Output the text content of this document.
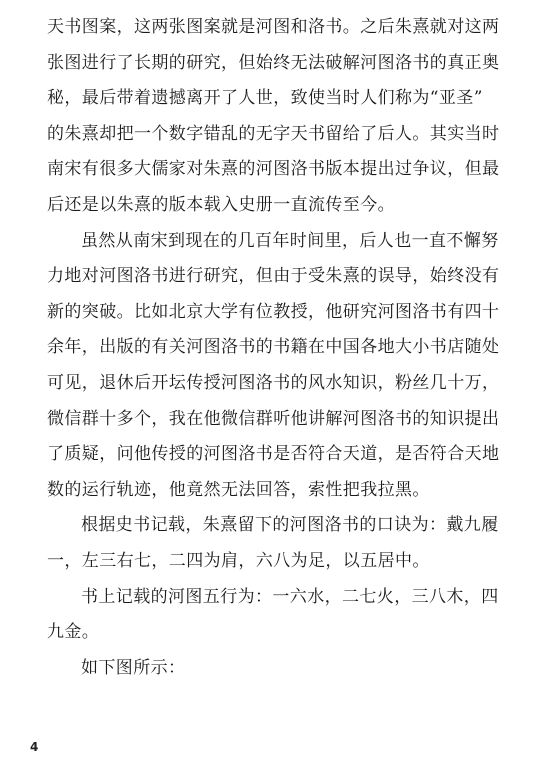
天书图案，这两张图案就是河图和洛书。之后朱熹就对这两
张图进行了长期的研究，但始终无法破解河图洛书的真正奥
秘，最后带着遗撼离开了人世，致使当时人们称为“亚圣”
的朱熹却把一个数字错乱的无字天书留给了后人。其实当时
南宋有很多大儒家对朱熹的河图洛书版本提出过争议，但最
后还是以朱熹的版本载入史册一直流传至今。
虽然从南宋到现在的几百年时间里，后人也一直不懈努
力地对河图洛书进行研究，但由于受朱熹的误导，始终没有
新的突破。比如北京大学有位教授，他研究河图洛书有四十
余年，出版的有关河图洛书的书籍在中国各地大小书店随处
可见，退休后开坛传授河图洛书的风水知识，粉丝几十万，
微信群十多个，我在他微信群听他讲解河图洛书的知识提出
了质疑，问他传授的河图洛书是否符合天道，是否符合天地
数的运行轨迹，他竟然无法回答，索性把我拉黑。
根据史书记载，朱熹留下的河图洛书的口诀为：戴九履
一，左三右七，二四为肩，六八为足，以五居中。
书上记载的河图五行为：一六水，二七火，三八木，四
九金。
如下图所示：
4
